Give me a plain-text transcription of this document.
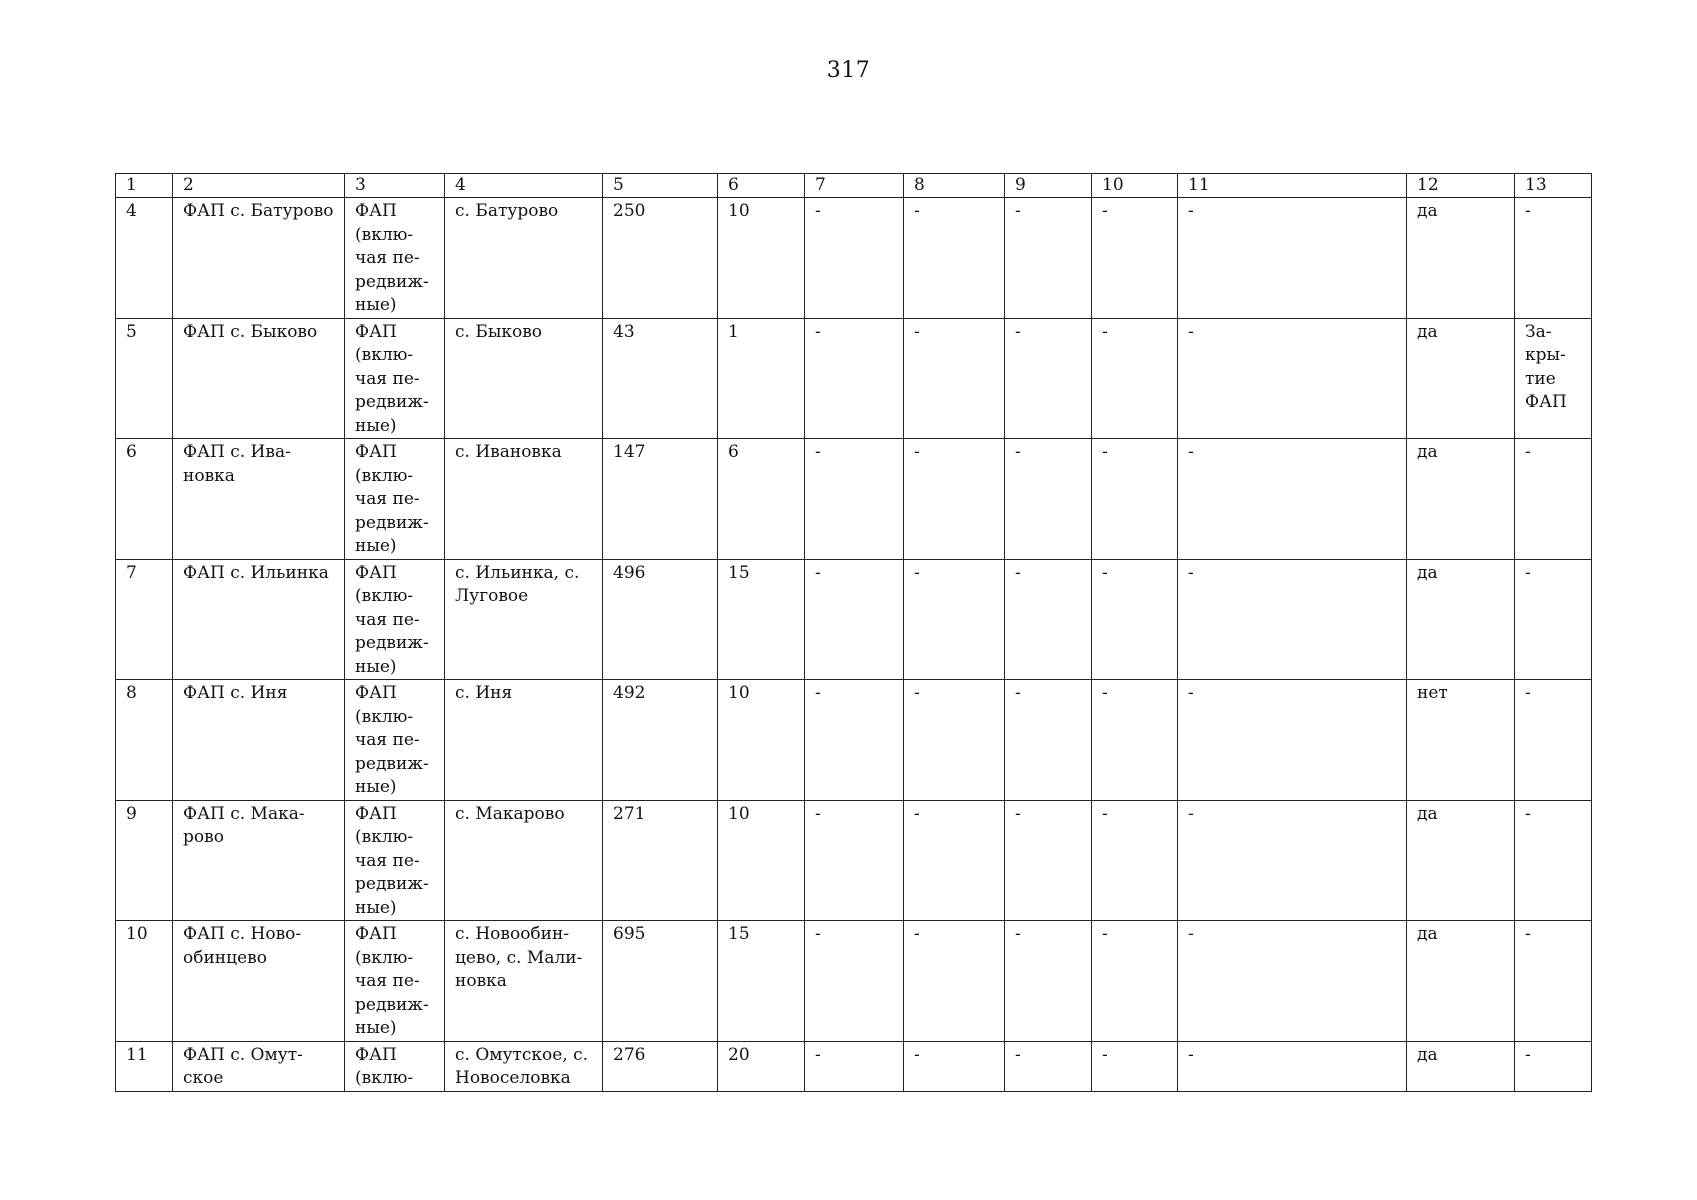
317
1	2	3	4	5	6	7	8	9	10	11	12	13
4	ФАП с. Батурово	ФАП
(вклю-
чая пе-
редвиж-
ные)	с. Батурово	250	10	-	-	-	-	-	да	-
5	ФАП с. Быково	ФАП
(вклю-
чая пе-
редвиж-
ные)	с. Быково	43	1	-	-	-	-	-	да	За-
кры-
тие
ФАП
6	ФАП с. Ива-
новка	ФАП
(вклю-
чая пе-
редвиж-
ные)	с. Ивановка	147	6	-	-	-	-	-	да	-
7	ФАП с. Ильинка	ФАП
(вклю-
чая пе-
редвиж-
ные)	с. Ильинка, с.
Луговое	496	15	-	-	-	-	-	да	-
8	ФАП с. Иня	ФАП
(вклю-
чая пе-
редвиж-
ные)	с. Иня	492	10	-	-	-	-	-	нет	-
9	ФАП с. Мака-
рово	ФАП
(вклю-
чая пе-
редвиж-
ные)	с. Макарово	271	10	-	-	-	-	-	да	-
10	ФАП с. Ново-
обинцево	ФАП
(вклю-
чая пе-
редвиж-
ные)	с. Новообин-
цево, с. Мали-
новка	695	15	-	-	-	-	-	да	-
11	ФАП с. Омут-
ское	ФАП
(вклю-	с. Омутское, с.
Новоселовка	276	20	-	-	-	-	-	да	-
